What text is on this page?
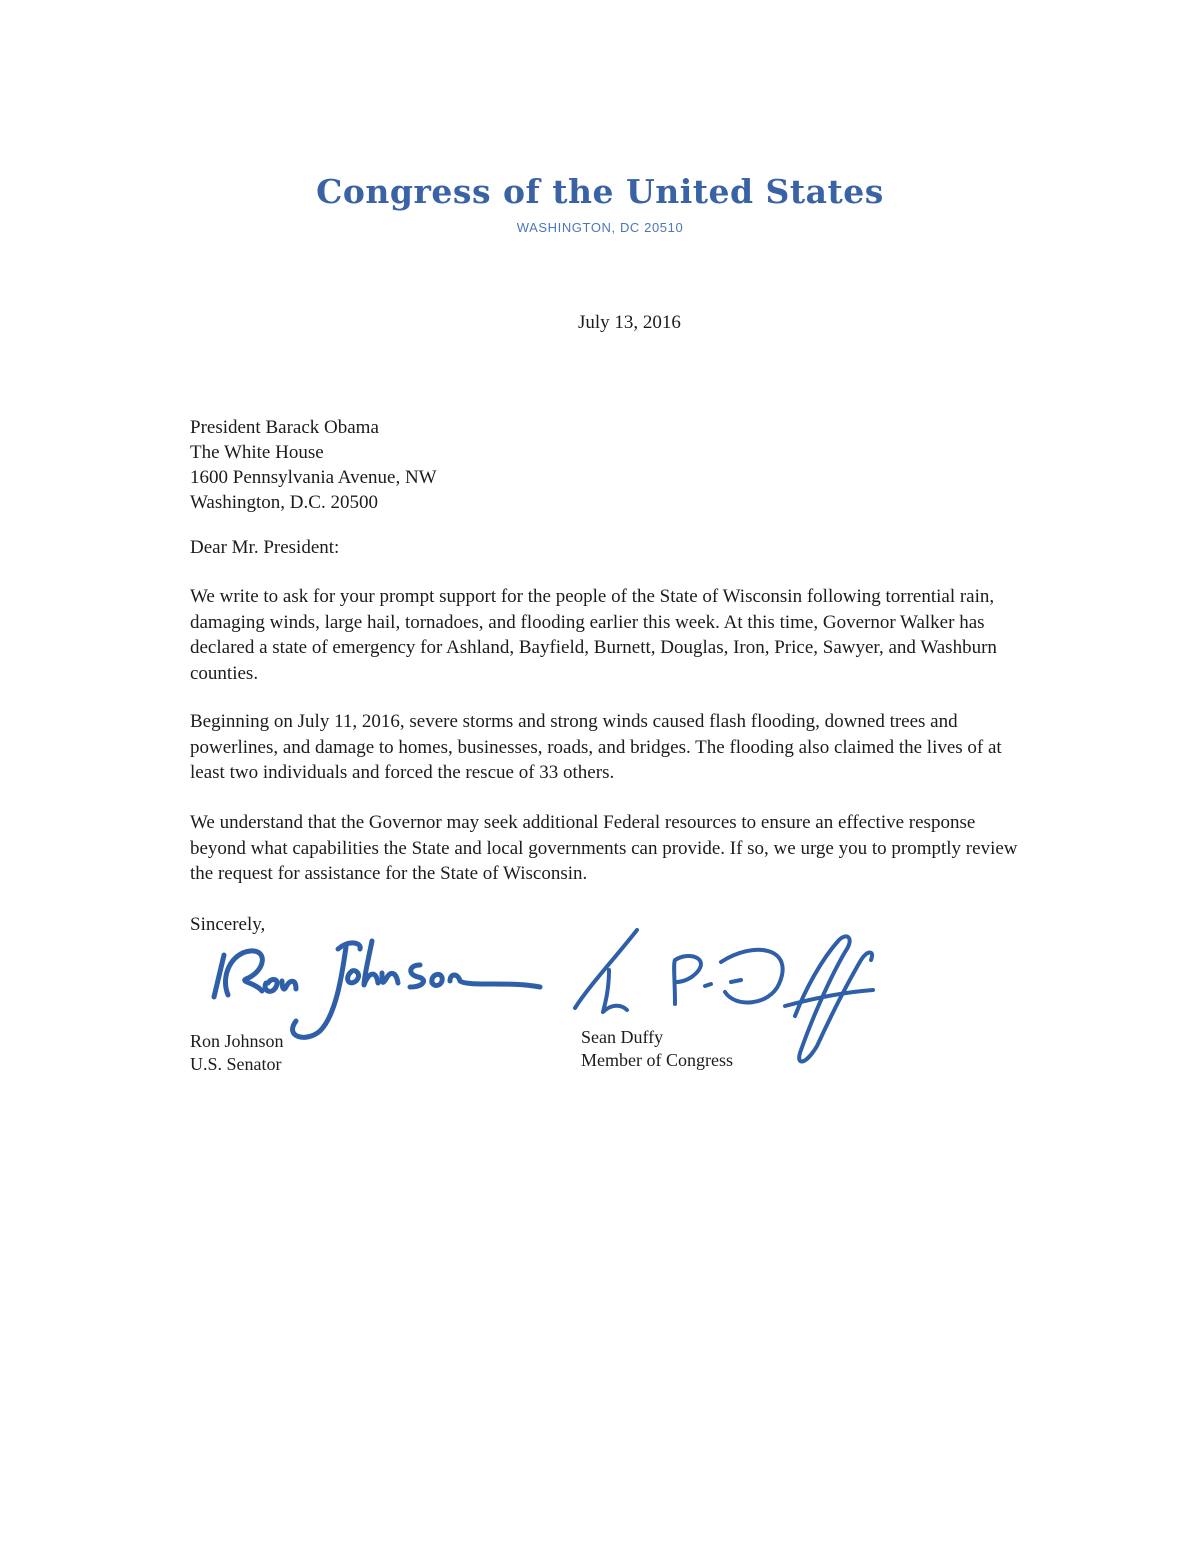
Congress of the United States
WASHINGTON, DC 20510
July 13, 2016
President Barack Obama
The White House
1600 Pennsylvania Avenue, NW
Washington, D.C. 20500
Dear Mr. President:
We write to ask for your prompt support for the people of the State of Wisconsin following torrential rain, damaging winds, large hail, tornadoes, and flooding earlier this week. At this time, Governor Walker has declared a state of emergency for Ashland, Bayfield, Burnett, Douglas, Iron, Price, Sawyer, and Washburn counties.
Beginning on July 11, 2016, severe storms and strong winds caused flash flooding, downed trees and powerlines, and damage to homes, businesses, roads, and bridges. The flooding also claimed the lives of at least two individuals and forced the rescue of 33 others.
We understand that the Governor may seek additional Federal resources to ensure an effective response beyond what capabilities the State and local governments can provide. If so, we urge you to promptly review the request for assistance for the State of Wisconsin.
Sincerely,
Ron Johnson
U.S. Senator
Sean Duffy
Member of Congress
